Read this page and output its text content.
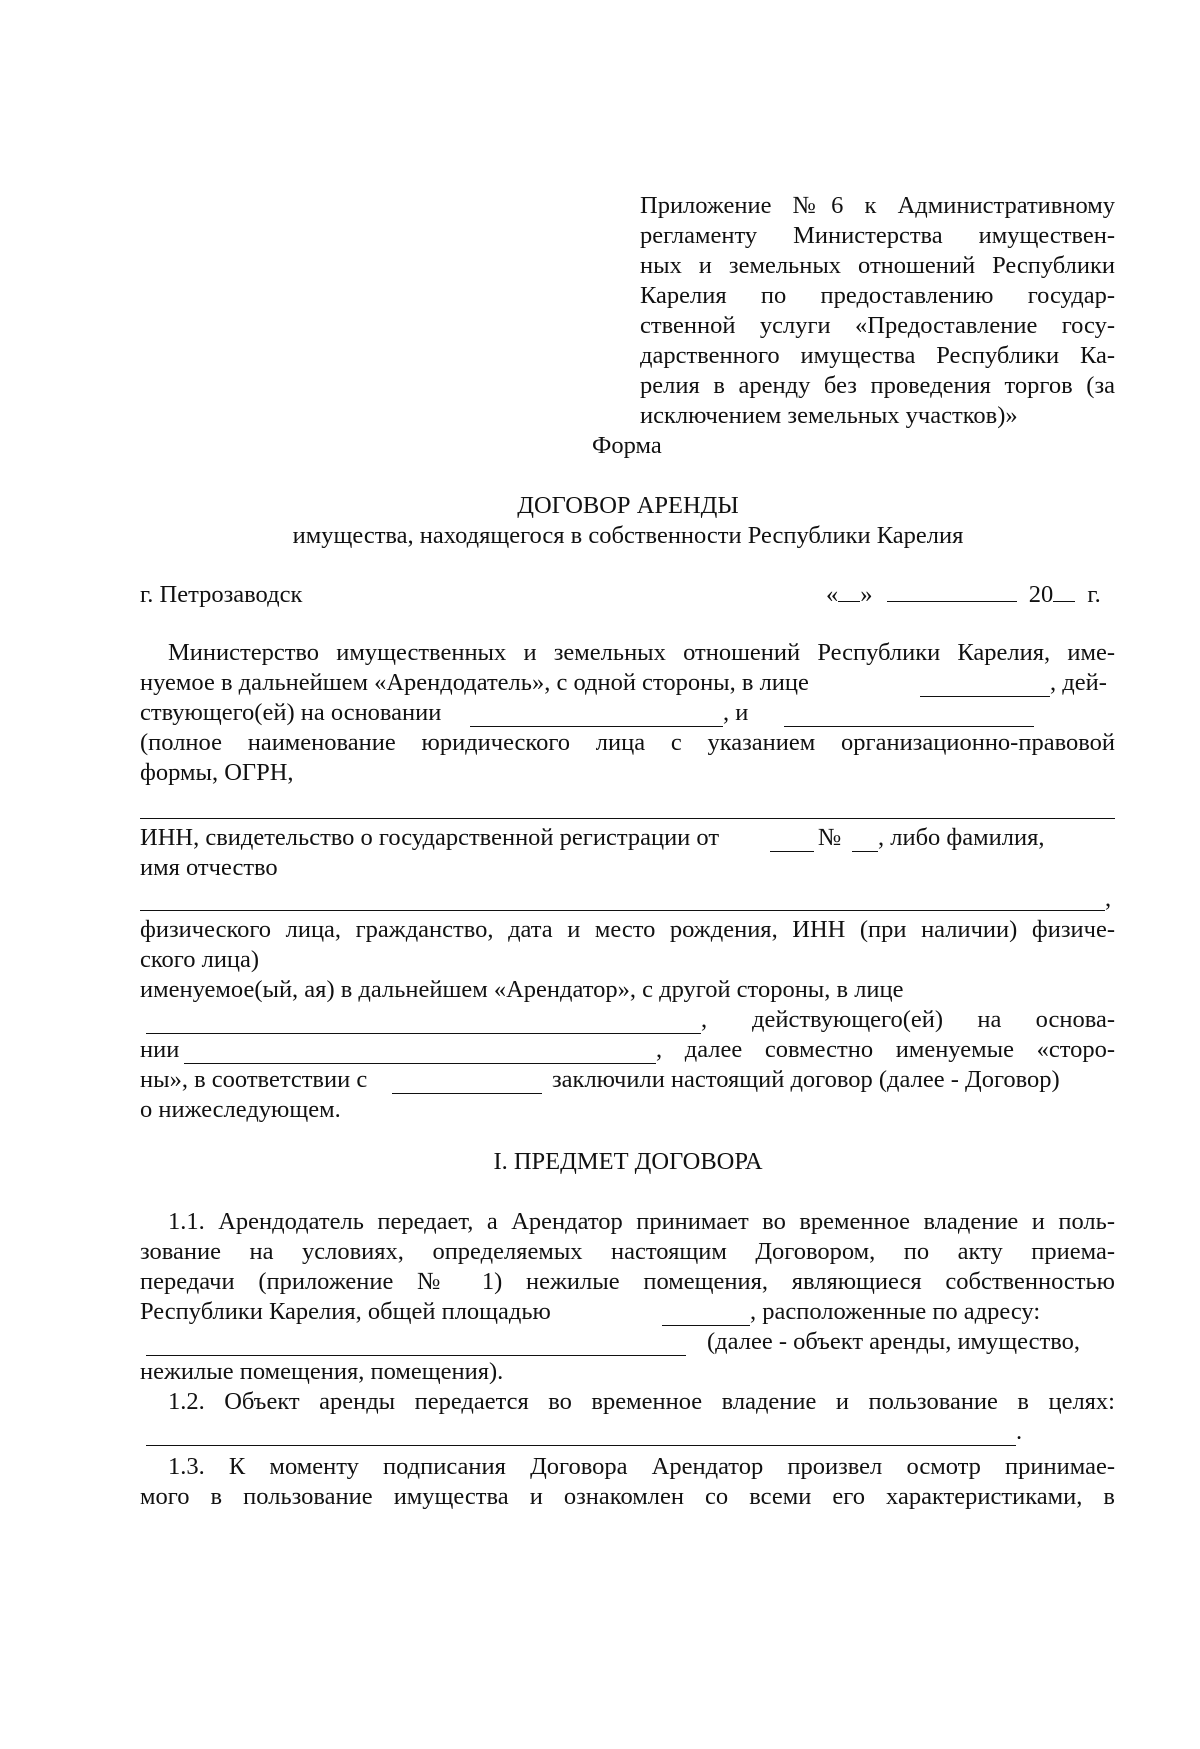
Приложение №6 к Административному
регламенту Министерства имуществен-
ных и земельных отношений Республики
Карелия по предоставлению государ-
ственной услуги «Предоставление госу-
дарственного имущества Республики Ка-
релия в аренду без проведения торгов (за
исключением земельных участков)»
Форма
ДОГОВОР АРЕНДЫ
имущества, находящегося в собственности Республики Карелия
г. Петрозаводск	« »	20 г.
Министерство имущественных и земельных отношений Республики Карелия, име-
нуемое в дальнейшем «Арендодатель», с одной стороны, в лице	, дей-
ствующего(ей) на основании	, и
(полное наименование юридического лица с указанием организационно-правовой
формы, ОГРН,
ИНН, свидетельство о государственной регистрации от	№ , либо фамилия,
имя отчество
,
физического лица, гражданство, дата и место рождения, ИНН (при наличии) физиче-
ского лица)
именуемое(ый, ая) в дальнейшем «Арендатор», с другой стороны, в лице
, действующего(ей) на основа-
нии	, далее совместно именуемые «сторо-
ны», в соответствии с	заключили настоящий договор (далее - Договор)
о нижеследующем.
I. ПРЕДМЕТ ДОГОВОРА
1.1. Арендодатель передает, а Арендатор принимает во временное владение и поль-
зование на условиях, определяемых настоящим Договором, по акту приема-
передачи (приложение № 1) нежилые помещения, являющиеся собственностью
Республики Карелия, общей площадью	, расположенные по адресу:
(далее - объект аренды, имущество,
нежилые помещения, помещения).
1.2. Объект аренды передается во временное владение и пользование в целях:
.
1.3. К моменту подписания Договора Арендатор произвел осмотр принимае-
мого в пользование имущества и ознакомлен со всеми его характеристиками, в
